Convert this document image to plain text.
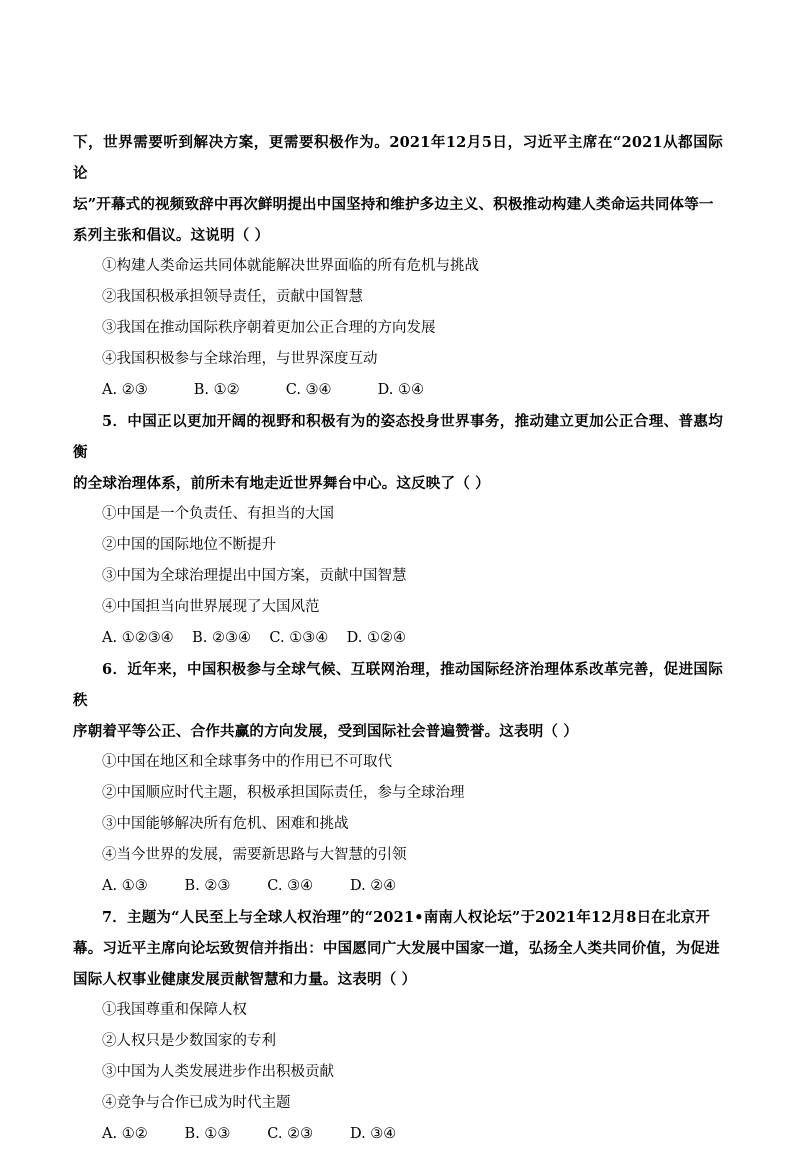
下，世界需要听到解决方案，更需要积极作为。2021年12月5日，习近平主席在“2021从都国际论

坛”开幕式的视频致辞中再次鲜明提出中国坚持和维护多边主义、积极推动构建人类命运共同体等一

系列主张和倡议。这说明（ ）

①构建人类命运共同体就能解决世界面临的所有危机与挑战

②我国积极承担领导责任，贡献中国智慧

③我国在推动国际秩序朝着更加公正合理的方向发展

④我国积极参与全球治理，与世界深度互动

A. ②③          B. ①②          C. ③④          D. ①④

5．中国正以更加开阔的视野和积极有为的姿态投身世界事务，推动建立更加公正合理、普惠均衡

的全球治理体系，前所未有地走近世界舞台中心。这反映了（ ）

①中国是一个负责任、有担当的大国

②中国的国际地位不断提升

③中国为全球治理提出中国方案，贡献中国智慧

④中国担当向世界展现了大国风范

A. ①②③④    B. ②③④    C. ①③④    D. ①②④

6．近年来，中国积极参与全球气候、互联网治理，推动国际经济治理体系改革完善，促进国际秩

序朝着平等公正、合作共赢的方向发展，受到国际社会普遍赞誉。这表明（ ）

①中国在地区和全球事务中的作用已不可取代

②中国顺应时代主题，积极承担国际责任，参与全球治理

③中国能够解决所有危机、困难和挑战

④当今世界的发展，需要新思路与大智慧的引领

A. ①③        B. ②③        C. ③④        D. ②④

7．主题为“人民至上与全球人权治理”的“2021•南南人权论坛”于2021年12月8日在北京开

幕。习近平主席向论坛致贺信并指出：中国愿同广大发展中国家一道，弘扬全人类共同价值，为促进

国际人权事业健康发展贡献智慧和力量。这表明（ ）

①我国尊重和保障人权

②人权只是少数国家的专利

③中国为人类发展进步作出积极贡献

④竞争与合作已成为时代主题

A. ①②        B. ①③        C. ②③        D. ③④
